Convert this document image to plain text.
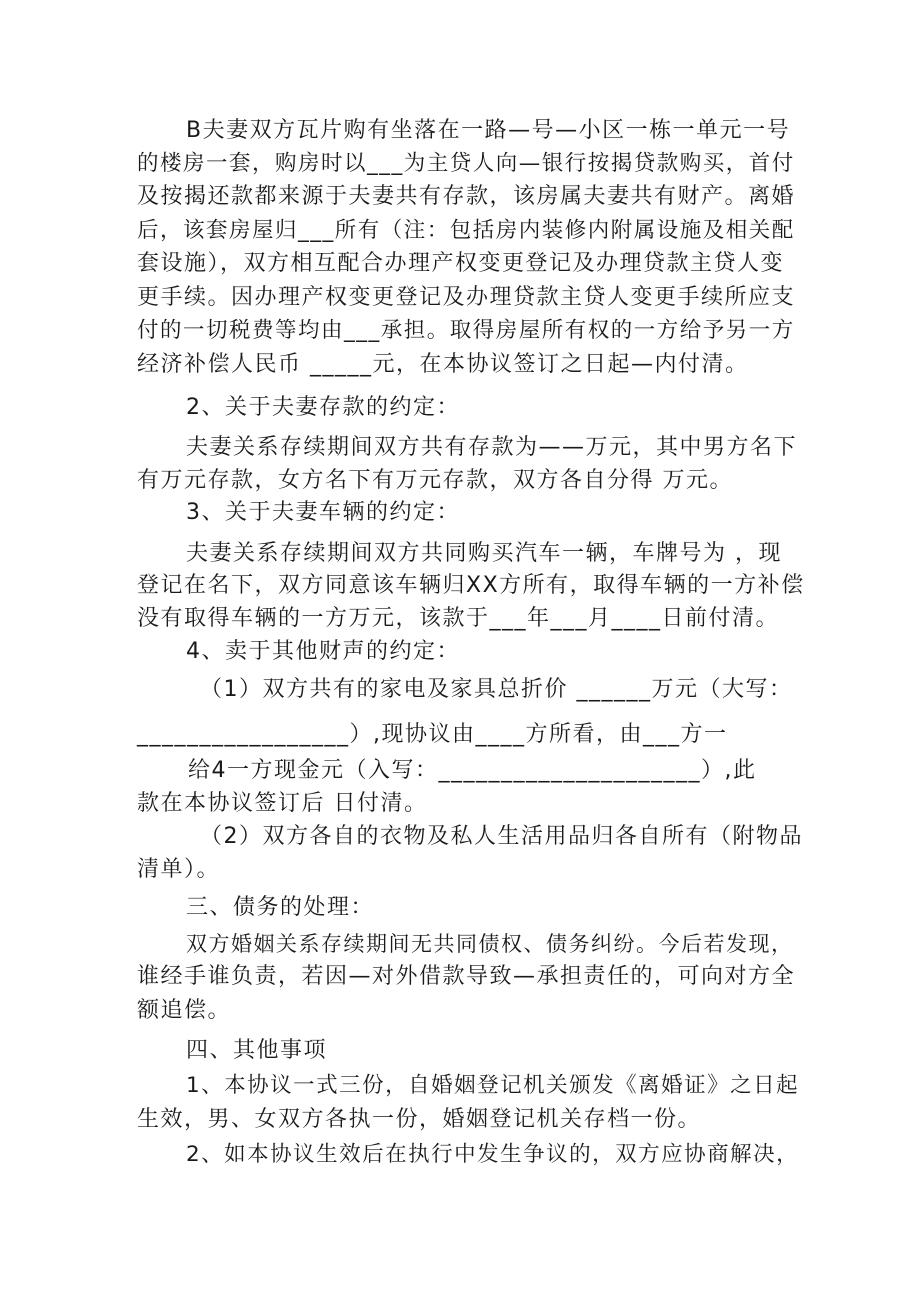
B夫妻双方瓦片购有坐落在一路—号—小区一栋一单元一号
的楼房一套，购房时以___为主贷人向—银行按揭贷款购买，首付
及按揭还款都来源于夫妻共有存款，该房属夫妻共有财产。离婚
后，该套房屋归___所有（注：包括房内装修内附属设施及相关配
套设施），双方相互配合办理产权变更登记及办理贷款主贷人变
更手续。因办理产权变更登记及办理贷款主贷人变更手续所应支
付的一切税费等均由___承担。取得房屋所有权的一方给予另一方
经济补偿人民币 _____元，在本协议签订之日起—内付清。
2、关于夫妻存款的约定：
夫妻关系存续期间双方共有存款为——万元，其中男方名下
有万元存款，女方名下有万元存款，双方各自分得 万元。
3、关于夫妻车辆的约定：
夫妻关系存续期间双方共同购买汽车一辆，车牌号为 ，现
登记在名下，双方同意该车辆归XX方所有，取得车辆的一方补偿
没有取得车辆的一方万元，该款于___年___月____日前付清。
4、卖于其他财声的约定：
（1）双方共有的家电及家具总折价 ______万元（大写：
_________________）,现协议由____方所看，由___方一
给4一方现金元（入写：_____________________）,此
款在本协议签订后 日付清。
（2）双方各自的衣物及私人生活用品归各自所有（附物品
清单）。
三、债务的处理：
双方婚姻关系存续期间无共同债权、债务纠纷。今后若发现，
谁经手谁负责，若因—对外借款导致—承担责任的，可向对方全
额追偿。
四、其他事项
1、本协议一式三份，自婚姻登记机关颁发《离婚证》之日起
生效，男、女双方各执一份，婚姻登记机关存档一份。
2、如本协议生效后在执行中发生争议的，双方应协商解决，
